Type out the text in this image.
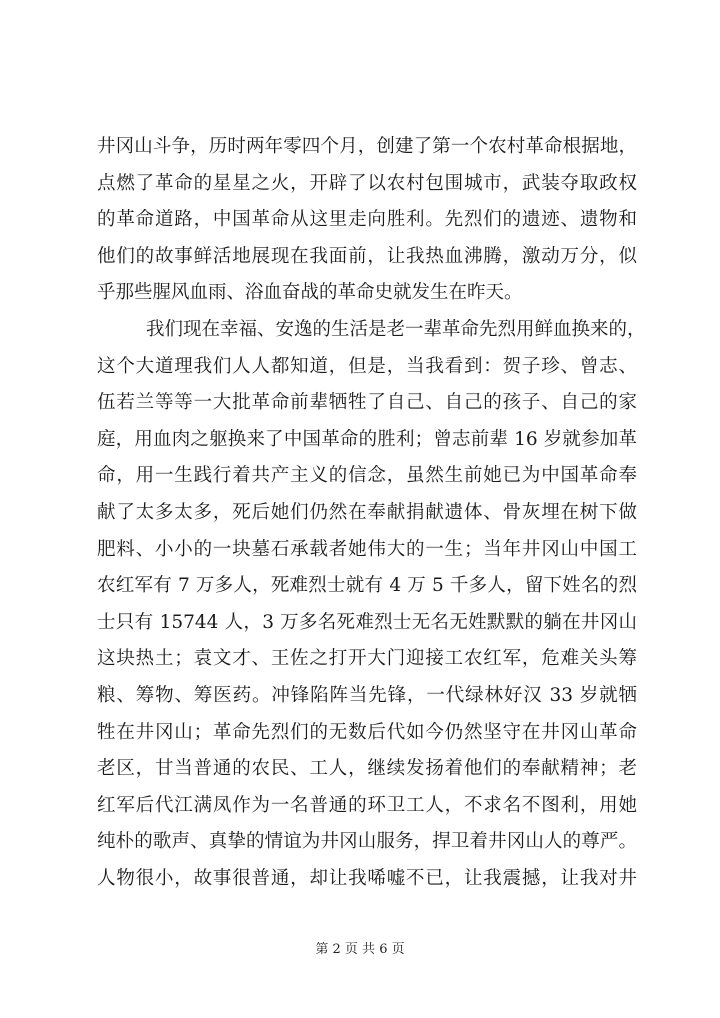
井冈山斗争，历时两年零四个月，创建了第一个农村革命根据地，
点燃了革命的星星之火，开辟了以农村包围城市，武装夺取政权
的革命道路，中国革命从这里走向胜利。先烈们的遗迹、遗物和
他们的故事鲜活地展现在我面前，让我热血沸腾，激动万分，似
乎那些腥风血雨、浴血奋战的革命史就发生在昨天。
我们现在幸福、安逸的生活是老一辈革命先烈用鲜血换来的，
这个大道理我们人人都知道，但是，当我看到：贺子珍、曾志、
伍若兰等等一大批革命前辈牺牲了自己、自己的孩子、自己的家
庭，用血肉之躯换来了中国革命的胜利；曾志前辈 16 岁就参加革
命，用一生践行着共产主义的信念，虽然生前她已为中国革命奉
献了太多太多，死后她们仍然在奉献捐献遗体、骨灰埋在树下做
肥料、小小的一块墓石承载者她伟大的一生；当年井冈山中国工
农红军有 7 万多人，死难烈士就有 4 万 5 千多人，留下姓名的烈
士只有 15744 人，3 万多名死难烈士无名无姓默默的躺在井冈山
这块热土；袁文才、王佐之打开大门迎接工农红军，危难关头筹
粮、筹物、筹医药。冲锋陷阵当先锋，一代绿林好汉 33 岁就牺
牲在井冈山；革命先烈们的无数后代如今仍然坚守在井冈山革命
老区，甘当普通的农民、工人，继续发扬着他们的奉献精神；老
红军后代江满凤作为一名普通的环卫工人，不求名不图利，用她
纯朴的歌声、真挚的情谊为井冈山服务，捍卫着井冈山人的尊严。
人物很小，故事很普通，却让我唏嘘不已，让我震撼，让我对井
第 2 页 共 6 页
